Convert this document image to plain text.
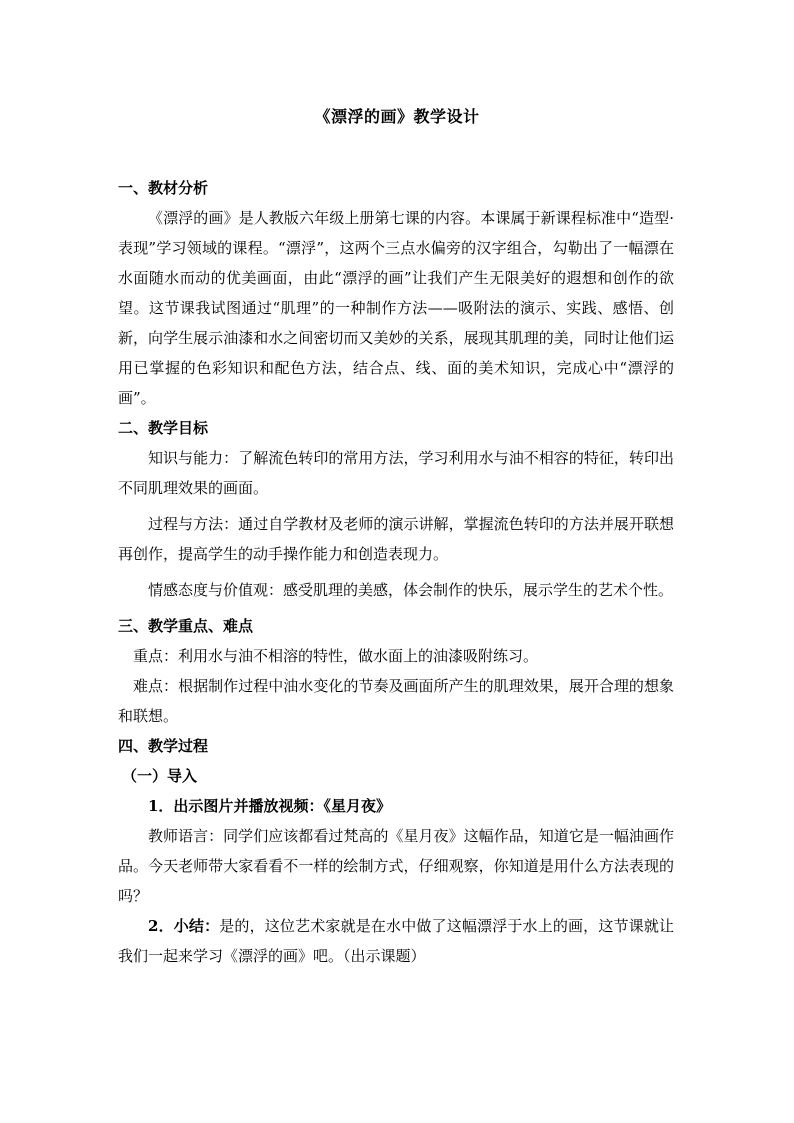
《漂浮的画》教学设计

一、教材分析

《漂浮的画》是人教版六年级上册第七课的内容。本课属于新课程标准中“造型·表现”学习领域的课程。“漂浮”，这两个三点水偏旁的汉字组合，勾勒出了一幅漂在水面随水而动的优美画面，由此“漂浮的画”让我们产生无限美好的遐想和创作的欲望。这节课我试图通过“肌理”的一种制作方法——吸附法的演示、实践、感悟、创新，向学生展示油漆和水之间密切而又美妙的关系，展现其肌理的美，同时让他们运用已掌握的色彩知识和配色方法，结合点、线、面的美术知识，完成心中“漂浮的画”。

二、教学目标

知识与能力：了解流色转印的常用方法，学习利用水与油不相容的特征，转印出不同肌理效果的画面。

过程与方法：通过自学教材及老师的演示讲解，掌握流色转印的方法并展开联想再创作，提高学生的动手操作能力和创造表现力。

情感态度与价值观：感受肌理的美感，体会制作的快乐，展示学生的艺术个性。

三、教学重点、难点

重点：利用水与油不相溶的特性，做水面上的油漆吸附练习。

难点：根据制作过程中油水变化的节奏及画面所产生的肌理效果，展开合理的想象和联想。

四、教学过程

（一）导入

1．出示图片并播放视频：《星月夜》

教师语言：同学们应该都看过梵高的《星月夜》这幅作品，知道它是一幅油画作品。今天老师带大家看看不一样的绘制方式，仔细观察，你知道是用什么方法表现的吗？

2．小结：是的，这位艺术家就是在水中做了这幅漂浮于水上的画，这节课就让我们一起来学习《漂浮的画》吧。（出示课题）
